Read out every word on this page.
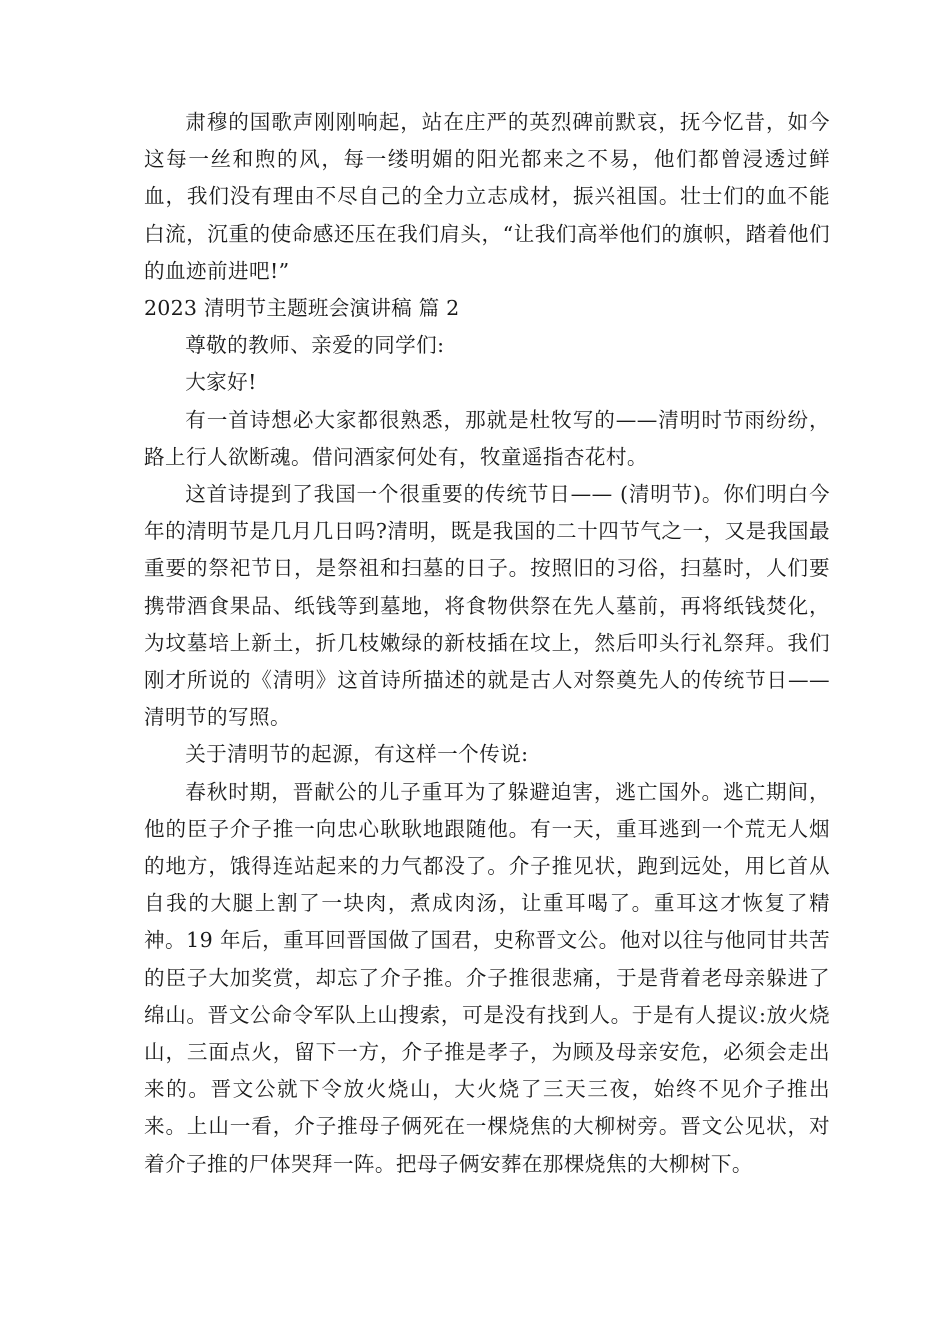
肃穆的国歌声刚刚响起，站在庄严的英烈碑前默哀，抚今忆昔，如今这每一丝和煦的风，每一缕明媚的阳光都来之不易，他们都曾浸透过鲜血，我们没有理由不尽自己的全力立志成材，振兴祖国。壮士们的血不能白流，沉重的使命感还压在我们肩头，“让我们高举他们的旗帜，踏着他们的血迹前进吧!”

2023 清明节主题班会演讲稿 篇 2

尊敬的教师、亲爱的同学们:

大家好!

有一首诗想必大家都很熟悉，那就是杜牧写的——清明时节雨纷纷，路上行人欲断魂。借问酒家何处有，牧童遥指杏花村。

这首诗提到了我国一个很重要的传统节日—— (清明节)。你们明白今年的清明节是几月几日吗?清明，既是我国的二十四节气之一，又是我国最重要的祭祀节日，是祭祖和扫墓的日子。按照旧的习俗，扫墓时，人们要携带酒食果品、纸钱等到墓地，将食物供祭在先人墓前，再将纸钱焚化，为坟墓培上新土，折几枝嫩绿的新枝插在坟上，然后叩头行礼祭拜。我们刚才所说的《清明》这首诗所描述的就是古人对祭奠先人的传统节日——清明节的写照。

关于清明节的起源，有这样一个传说:

春秋时期，晋献公的儿子重耳为了躲避迫害，逃亡国外。逃亡期间，他的臣子介子推一向忠心耿耿地跟随他。有一天，重耳逃到一个荒无人烟的地方，饿得连站起来的力气都没了。介子推见状，跑到远处，用匕首从自我的大腿上割了一块肉，煮成肉汤，让重耳喝了。重耳这才恢复了精神。19 年后，重耳回晋国做了国君，史称晋文公。他对以往与他同甘共苦的臣子大加奖赏，却忘了介子推。介子推很悲痛，于是背着老母亲躲进了绵山。晋文公命令军队上山搜索，可是没有找到人。于是有人提议:放火烧山，三面点火，留下一方，介子推是孝子，为顾及母亲安危，必须会走出来的。晋文公就下令放火烧山，大火烧了三天三夜，始终不见介子推出来。上山一看，介子推母子俩死在一棵烧焦的大柳树旁。晋文公见状，对着介子推的尸体哭拜一阵。把母子俩安葬在那棵烧焦的大柳树下。
